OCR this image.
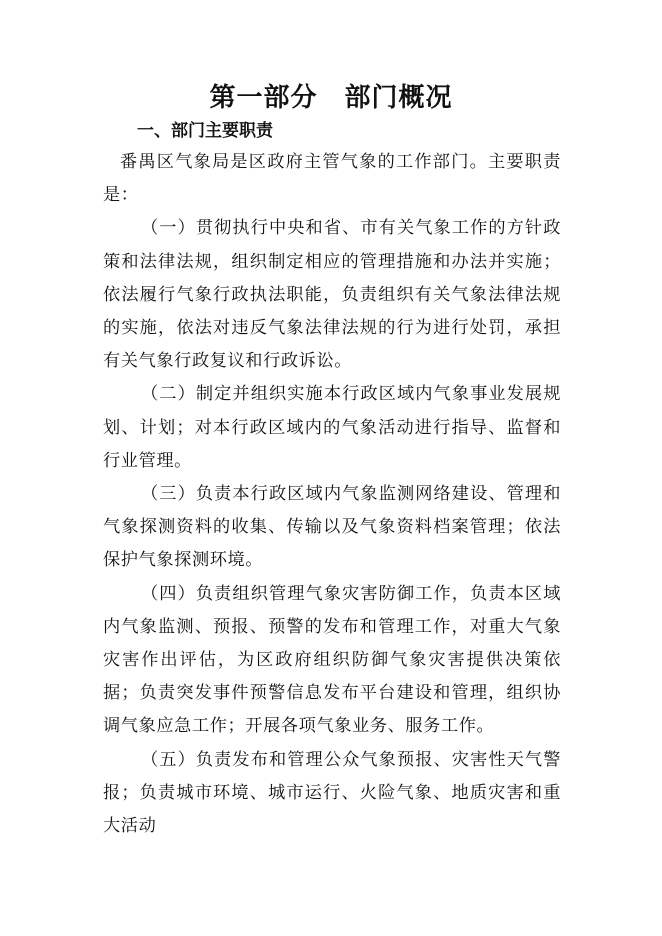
第一部分　部门概况
一、部门主要职责

番禺区气象局是区政府主管气象的工作部门。主要职责是：

（一）贯彻执行中央和省、市有关气象工作的方针政策和法律法规，组织制定相应的管理措施和办法并实施；依法履行气象行政执法职能，负责组织有关气象法律法规的实施，依法对违反气象法律法规的行为进行处罚，承担有关气象行政复议和行政诉讼。

（二）制定并组织实施本行政区域内气象事业发展规划、计划；对本行政区域内的气象活动进行指导、监督和行业管理。

（三）负责本行政区域内气象监测网络建设、管理和气象探测资料的收集、传输以及气象资料档案管理；依法保护气象探测环境。

（四）负责组织管理气象灾害防御工作，负责本区域内气象监测、预报、预警的发布和管理工作，对重大气象灾害作出评估，为区政府组织防御气象灾害提供决策依据；负责突发事件预警信息发布平台建设和管理，组织协调气象应急工作；开展各项气象业务、服务工作。

（五）负责发布和管理公众气象预报、灾害性天气警报；负责城市环境、城市运行、火险气象、地质灾害和重大活动
